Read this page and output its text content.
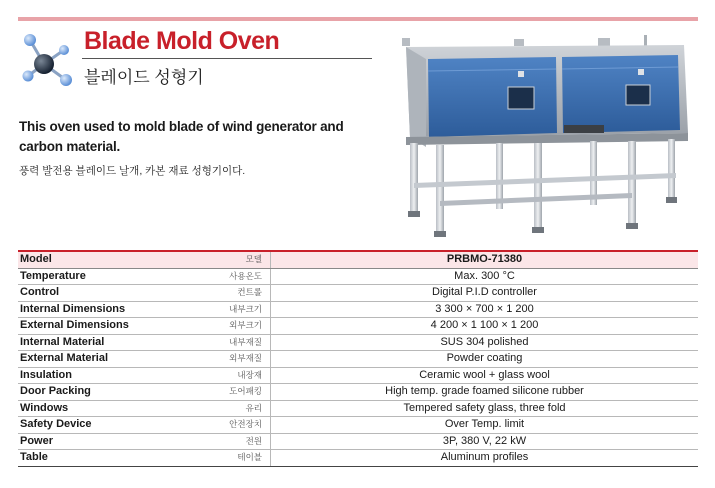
Blade Mold Oven
블레이드 성형기
This oven used to mold blade of wind generator and carbon material.
풍력 발전용 블레이드 날개, 카본 재료 성형기이다.
Model	모델	PRBMO-71380
Temperature	사용온도	Max. 300 °C
Control	컨트롤	Digital P.I.D controller
Internal Dimensions	내부크기	3 300 × 700 × 1 200
External Dimensions	외부크기	4 200 × 1 100 × 1 200
Internal Material	내부재질	SUS 304 polished
External Material	외부재질	Powder coating
Insulation	내장재	Ceramic wool + glass wool
Door Packing	도어패킹	High temp. grade foamed silicone rubber
Windows	유리	Tempered safety glass, three fold
Safety Device	안전장치	Over Temp. limit
Power	전원	3P, 380 V, 22 kW
Table	테이블	Aluminum profiles
